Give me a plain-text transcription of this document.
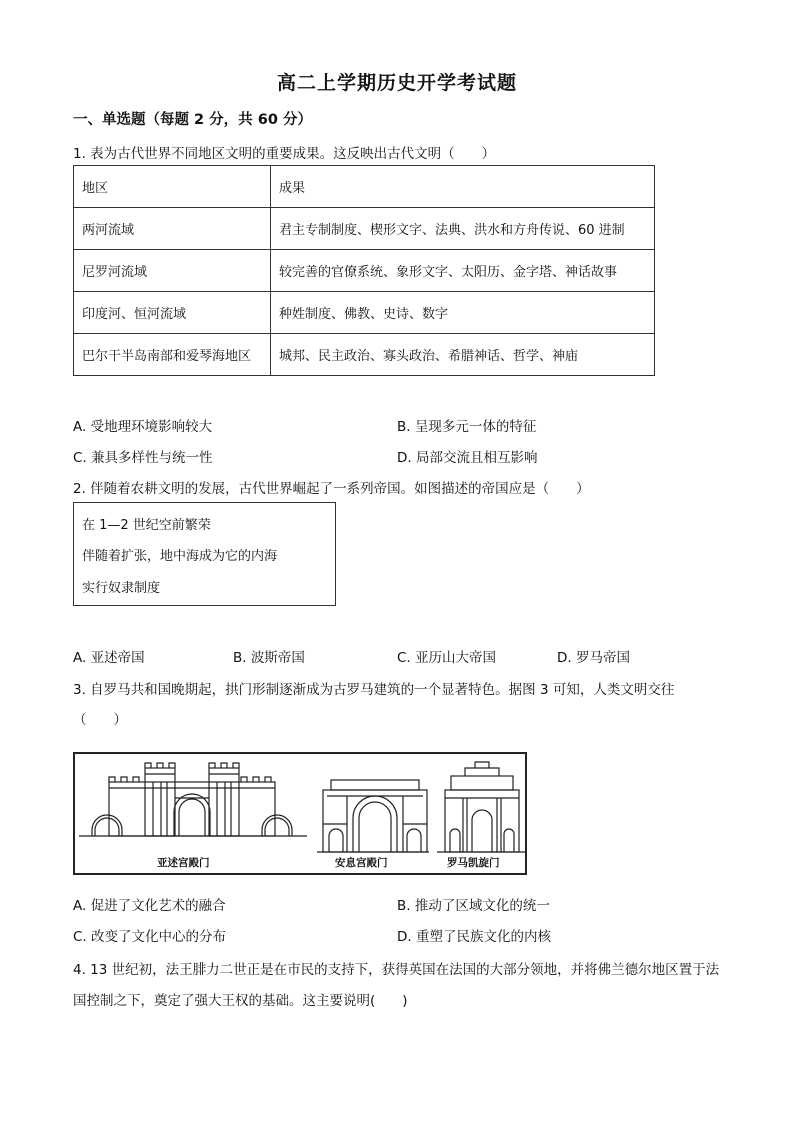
高二上学期历史开学考试题
一、单选题（每题 2 分，共 60 分）
1. 表为古代世界不同地区文明的重要成果。这反映出古代文明（　　）
地区	成果
两河流域	君主专制制度、楔形文字、法典、洪水和方舟传说、60 进制
尼罗河流域	较完善的官僚系统、象形文字、太阳历、金字塔、神话故事
印度河、恒河流域	种姓制度、佛教、史诗、数字
巴尔干半岛南部和爱琴海地区	城邦、民主政治、寡头政治、希腊神话、哲学、神庙
A. 受地理环境影响较大	B. 呈现多元一体的特征
C. 兼具多样性与统一性	D. 局部交流且相互影响
2. 伴随着农耕文明的发展，古代世界崛起了一系列帝国。如图描述的帝国应是（　　）
在 1—2 世纪空前繁荣
伴随着扩张，地中海成为它的内海
实行奴隶制度
A. 亚述帝国	B. 波斯帝国	C. 亚历山大帝国	D. 罗马帝国
3. 自罗马共和国晚期起，拱门形制逐渐成为古罗马建筑的一个显著特色。据图 3 可知，人类文明交往
（　　）
亚述宫殿门	安息宫殿门	罗马凯旋门
A. 促进了文化艺术的融合	B. 推动了区域文化的统一
C. 改变了文化中心的分布	D. 重塑了民族文化的内核
4. 13 世纪初，法王腓力二世正是在市民的支持下，获得英国在法国的大部分领地，并将佛兰德尔地区置于法
国控制之下，奠定了强大王权的基础。这主要说明(　　)
